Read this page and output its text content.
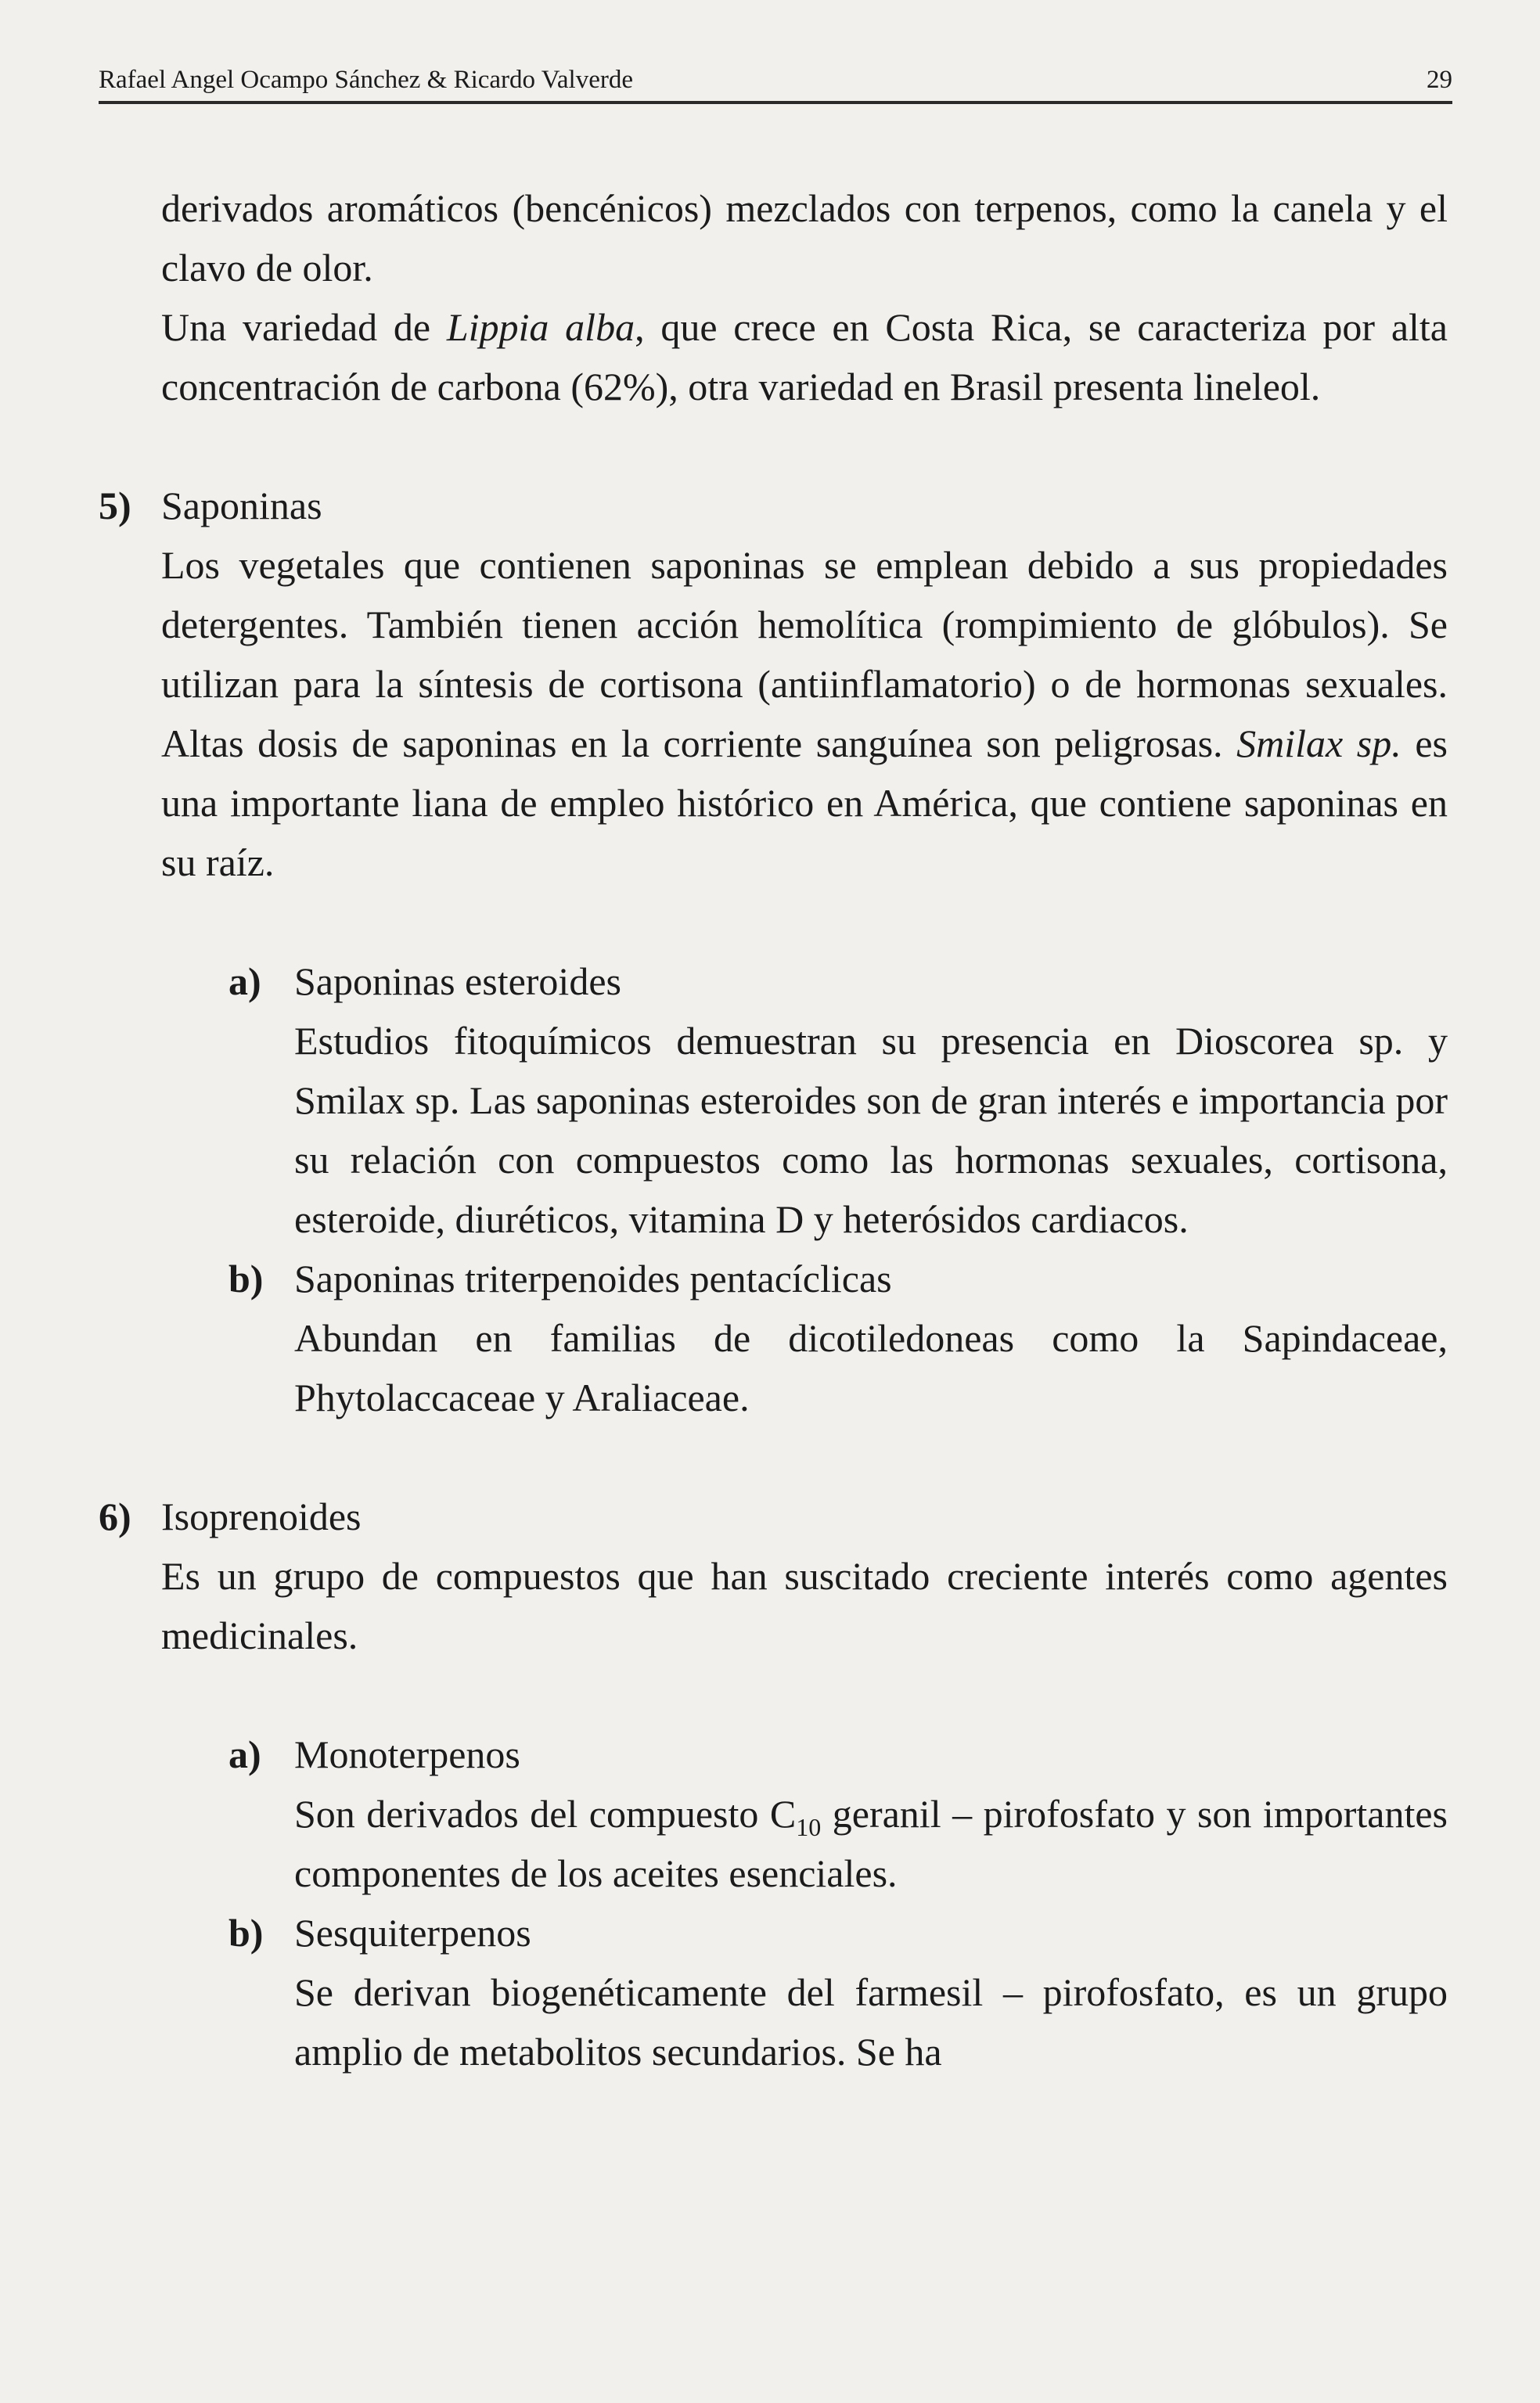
Rafael Angel Ocampo Sánchez & Ricardo Valverde	29

derivados aromáticos (bencénicos) mezclados con terpenos, como la canela y el clavo de olor.

Una variedad de Lippia alba, que crece en Costa Rica, se caracteriza por alta concentración de carbona (62%), otra variedad en Brasil presenta lineleol.

5) Saponinas

Los vegetales que contienen saponinas se emplean debido a sus propiedades detergentes. También tienen acción hemolítica (rompimiento de glóbulos). Se utilizan para la síntesis de cortisona (antiinflamatorio) o de hormonas sexuales. Altas dosis de saponinas en la corriente sanguínea son peligrosas. Smilax sp. es una importante liana de empleo histórico en América, que contiene saponinas en su raíz.

a) Saponinas esteroides

Estudios fitoquímicos demuestran su presencia en Dioscorea sp. y Smilax sp. Las saponinas esteroides son de gran interés e importancia por su relación con compuestos como las hormonas sexuales, cortisona, esteroide, diuréticos, vitamina D y heterósidos cardiacos.

b) Saponinas triterpenoides pentacíclicas

Abundan en familias de dicotiledoneas como la Sapindaceae, Phytolaccaceae y Araliaceae.

6) Isoprenoides

Es un grupo de compuestos que han suscitado creciente interés como agentes medicinales.

a) Monoterpenos

Son derivados del compuesto $C_{10}$ geranil – pirofosfato y son importantes componentes de los aceites esenciales.

b) Sesquiterpenos

Se derivan biogenéticamente del farmesil – pirofosfato, es un grupo amplio de metabolitos secundarios. Se ha
